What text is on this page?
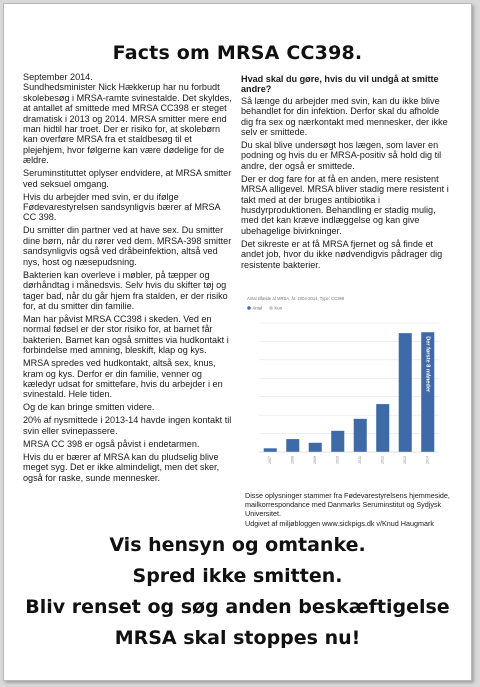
Facts om MRSA CC398.

September 2014.
Sundhedsminister Nick Hækkerup har nu forbudt skolebesøg i MRSA-ramte svinestalde. Det skyldes, at antallet af smittede med MRSA CC398 er steget dramatisk i 2013 og 2014. MRSA smitter mere end man hidtil har troet. Der er risiko for, at skolebørn kan overføre MRSA fra et staldbesøg til et plejehjem, hvor følgerne kan være dødelige for de ældre.

Seruminstituttet oplyser endvidere, at MRSA smitter ved seksuel omgang.

Hvis du arbejder med svin, er du ifølge Fødevarestyrelsen sandsynligvis bærer af MRSA CC 398.

Du smitter din partner ved at have sex. Du smitter dine børn, når du rører ved dem. MRSA-398 smitter sandsynligvis også ved dråbeinfektion, altså ved nys, host og næsepudsning.

Bakterien kan overleve i møbler, på tæpper og dørhåndtag i månedsvis. Selv hvis du skifter tøj og tager bad, når du går hjem fra stalden, er der risiko for, at du smitter din familie.

Man har påvist MRSA CC398 i skeden. Ved en normal fødsel er der stor risiko for, at barnet får bakterien. Barnet kan også smittes via hudkontakt i forbindelse med amning, bleskift, klap og kys.

MRSA spredes ved hudkontakt, altså sex, knus, kram og kys. Derfor er din familie, venner og kæledyr udsat for smittefare, hvis du arbejder i en svinestald. Hele tiden.

Og de kan bringe smitten videre.

20% af nysmittede i 2013-14 havde ingen kontakt til svin eller svinepassere.

MRSA CC 398 er også påvist i endetarmen.

Hvis du er bærer af MRSA kan du pludselig blive meget syg. Det er ikke almindeligt, men det sker, også for raske, sunde mennesker.

Hvad skal du gøre, hvis du vil undgå at smitte andre?

Så længe du arbejder med svin, kan du ikke blive behandlet for din infektion. Derfor skal du afholde dig fra sex og nærkontakt med mennesker, der ikke selv er smittede.

Du skal blive undersøgt hos lægen, som laver en podning og hvis du er MRSA-positiv så hold dig til andre, der også er smittede.

Der er dog fare for at få en anden, mere resistent MRSA alligevel. MRSA bliver stadig mere resistent i takt med at der bruges antibiotika i husdyrproduktionen. Behandling er stadig mulig, med det kan kræve indlæggelse og kan give ubehagelige bivirkninger.

Det sikreste er at få MRSA fjernet og så finde et andet job, hvor du ikke nødvendigvis pådrager dig resistente bakterier.

Antal tilfælde af MRSA, år: 2004-2014, Type: CC398
Antal	Kun
2007	2008	2009	2010	2011	2012	2013	2014
Der første 8 måneder

Disse oplysninger stammer fra Fødevarestyrelsens hjemmeside, mailkorrespondance med Danmarks Seruminstitut og Sydjysk Universitet.

Udgivet af miljøbloggen www.sickpigs.dk v/Knud Haugmark

Vis hensyn og omtanke.
Spred ikke smitten.
Bliv renset og søg anden beskæftigelse
MRSA skal stoppes nu!
